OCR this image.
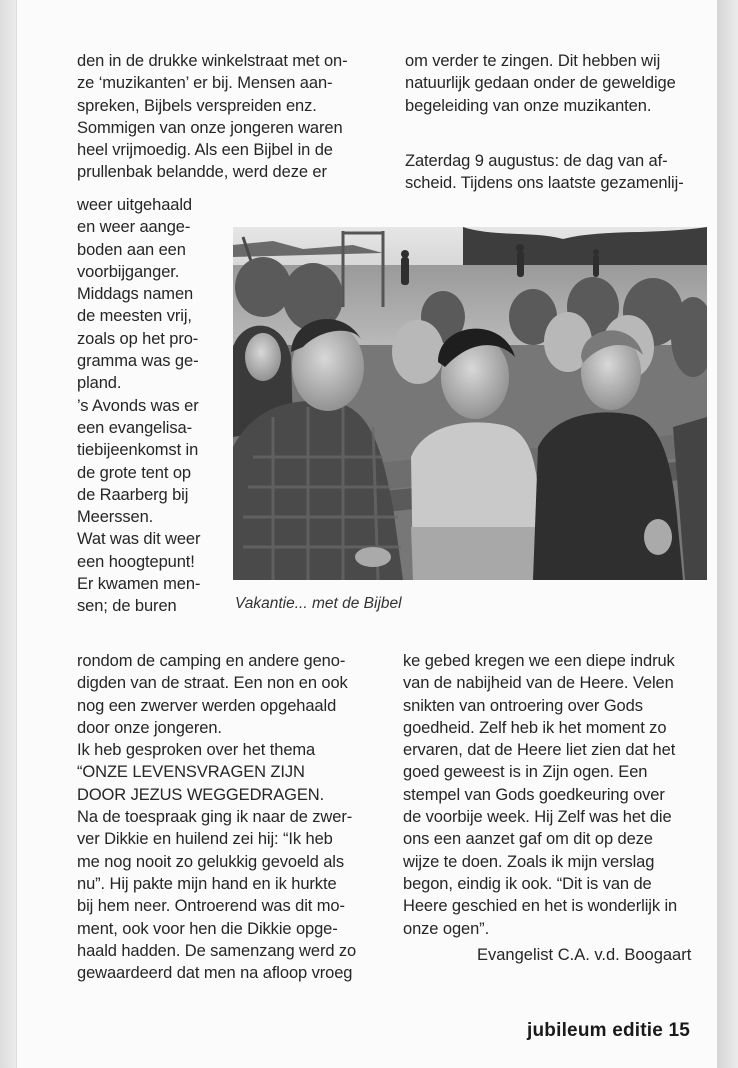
den in de drukke winkelstraat met on-
ze ‘muzikanten’ er bij. Mensen aan-
spreken, Bijbels verspreiden enz.
Sommigen van onze jongeren waren
heel vrijmoedig. Als een Bijbel in de
prullenbak belandde, werd deze er

om verder te zingen. Dit hebben wij
natuurlijk gedaan onder de geweldige
begeleiding van onze muzikanten.

Zaterdag 9 augustus: de dag van af-
scheid. Tijdens ons laatste gezamenlij-

weer uitgehaald
en weer aange-
boden aan een
voorbijganger.
Middags namen
de meesten vrij,
zoals op het pro-
gramma was ge-
pland.
’s Avonds was er
een evangelisa-
tiebijeenkomst in
de grote tent op
de Raarberg bij
Meerssen.
Wat was dit weer
een hoogtepunt!
Er kwamen men-
sen; de buren	Vakantie... met de Bijbel

rondom de camping en andere geno-
digden van de straat. Een non en ook
nog een zwerver werden opgehaald
door onze jongeren.
Ik heb gesproken over het thema
“ONZE LEVENSVRAGEN ZIJN
DOOR JEZUS WEGGEDRAGEN.
Na de toespraak ging ik naar de zwer-
ver Dikkie en huilend zei hij: “Ik heb
me nog nooit zo gelukkig gevoeld als
nu”. Hij pakte mijn hand en ik hurkte
bij hem neer. Ontroerend was dit mo-
ment, ook voor hen die Dikkie opge-
haald hadden. De samenzang werd zo
gewaardeerd dat men na afloop vroeg

ke gebed kregen we een diepe indruk
van de nabijheid van de Heere. Velen
snikten van ontroering over Gods
goedheid. Zelf heb ik het moment zo
ervaren, dat de Heere liet zien dat het
goed geweest is in Zijn ogen. Een
stempel van Gods goedkeuring over
de voorbije week. Hij Zelf was het die
ons een aanzet gaf om dit op deze
wijze te doen. Zoals ik mijn verslag
begon, eindig ik ook. “Dit is van de
Heere geschied en het is wonderlijk in
onze ogen”.

Evangelist C.A. v.d. Boogaart
jubileum editie 15
